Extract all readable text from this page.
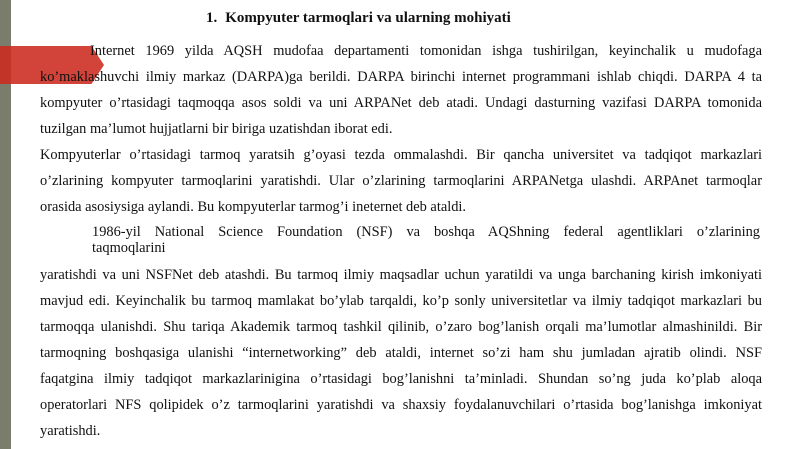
1. Kompyuter tarmoqlari va ularning mohiyati
Internet 1969 yilda AQSH mudofaa departamenti tomonidan ishga tushirilgan, keyinchalik u mudofaga
ko’maklashuvchi ilmiy markaz (DARPA)ga berildi. DARPA birinchi internet programmani ishlab chiqdi. DARPA 4 ta
kompyuter o’rtasidagi taqmoqqa asos soldi va uni ARPANet deb atadi. Undagi dasturning vazifasi DARPA tomonida
tuzilgan ma’lumot hujjatlarni bir biriga uzatishdan iborat edi.
Kompyuterlar o’rtasidagi tarmoq yaratsih g’oyasi tezda ommalashdi. Bir qancha universitet va tadqiqot markazlari
o’zlarining kompyuter tarmoqlarini yaratishdi. Ular o’zlarining tarmoqlarini ARPANetga ulashdi. ARPAnet tarmoqlar
orasida asosiysiga aylandi. Bu kompyuterlar tarmog’i ineternet deb ataldi.
1986-yil National Science Foundation (NSF) va boshqa AQShning federal agentliklari o’zlarining
taqmoqlarini
yaratishdi va uni NSFNet deb atashdi. Bu tarmoq ilmiy maqsadlar uchun yaratildi va unga barchaning kirish imkoniyati
mavjud edi. Keyinchalik bu tarmoq mamlakat bo’ylab tarqaldi, ko’p sonly universitetlar va ilmiy tadqiqot markazlari bu
tarmoqqa ulanishdi. Shu tariqa Akademik tarmoq tashkil qilinib, o’zaro bog’lanish orqali ma’lumotlar almashinildi. Bir
tarmoqning boshqasiga ulanishi “internetworking” deb ataldi, internet so’zi ham shu jumladan ajratib olindi. NSF
faqatgina ilmiy tadqiqot markazlarinigina o’rtasidagi bog’lanishni ta’minladi. Shundan so’ng juda ko’plab aloqa
operatorlari NFS qolipidek o’z tarmoqlarini yaratishdi va shaxsiy foydalanuvchilari o’rtasida bog’lanishga imkoniyat
yaratishdi.
